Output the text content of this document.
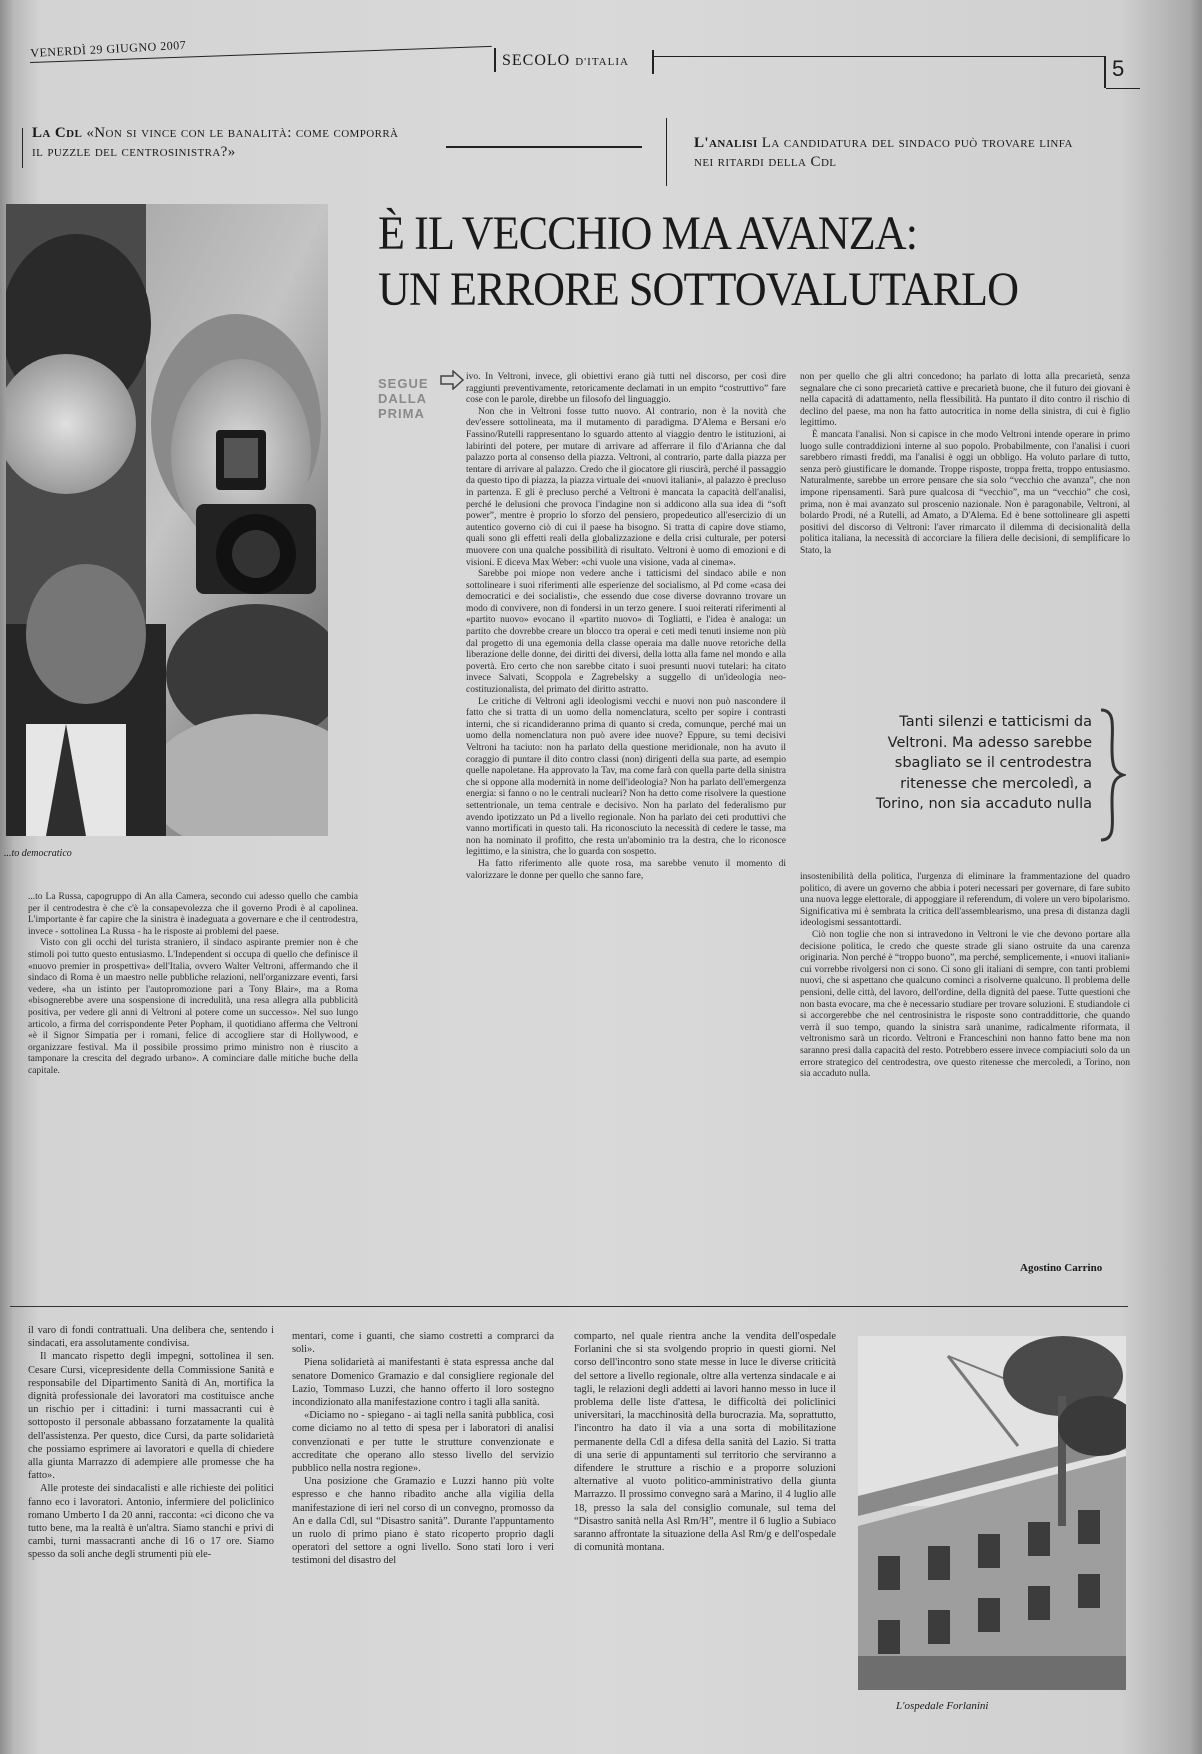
VENERDÌ 29 GIUGNO 2007
SECOLO D'ITALIA	5
La Cdl «Non si vince con le banalità: come comporrà il puzzle del centrosinistra?»
L'analisi La candidatura del sindaco può trovare linfa nei ritardi della Cdl
È IL VECCHIO MA AVANZA:
UN ERRORE SOTTOVALUTARLO
...to democratico
SEGUE
DALLA
PRIMA

ivo. In Veltroni, invece, gli obiettivi erano già tutti nel discorso, per così dire raggiunti preventivamente, retoricamente declamati in un empito “costruttivo” fare cose con le parole, direbbe un filosofo del linguaggio.

Non che in Veltroni fosse tutto nuovo. Al contrario, non è la novità che dev'essere sottolineata, ma il mutamento di paradigma. D'Alema e Bersani e/o Fassino/Rutelli rappresentano lo sguardo attento al viaggio dentro le istituzioni, ai labirinti del potere, per mutare di arrivare ad afferrare il filo d'Arianna che dal palazzo porta al consenso della piazza. Veltroni, al contrario, parte dalla piazza per tentare di arrivare al palazzo. Credo che il giocatore gli riuscirà, perché il passaggio da questo tipo di piazza, la piazza virtuale dei «nuovi italiani», al palazzo è precluso in partenza. E gli è precluso perché a Veltroni è mancata la capacità dell'analisi, perché le delusioni che provoca l'indagine non si addicono alla sua idea di “soft power”, mentre è proprio lo sforzo del pensiero, propedeutico all'esercizio di un autentico governo ciò di cui il paese ha bisogno. Si tratta di capire dove stiamo, quali sono gli effetti reali della globalizzazione e della crisi culturale, per potersi muovere con una qualche possibilità di risultato. Veltroni è uomo di emozioni e di visioni. E diceva Max Weber: «chi vuole una visione, vada al cinema».

Sarebbe poi miope non vedere anche i tatticismi del sindaco abile e non sottolineare i suoi riferimenti alle esperienze del socialismo, al Pd come «casa dei democratici e dei socialisti», che essendo due cose diverse dovranno trovare un modo di convivere, non di fondersi in un terzo genere. I suoi reiterati riferimenti al «partito nuovo» evocano il «partito nuovo» di Togliatti, e l'idea è analoga: un partito che dovrebbe creare un blocco tra operai e ceti medi tenuti insieme non più dal progetto di una egemonia della classe operaia ma dalle nuove retoriche della liberazione delle donne, dei diritti dei diversi, della lotta alla fame nel mondo e alla povertà. Ero certo che non sarebbe citato i suoi presunti nuovi tutelari: ha citato invece Salvati, Scoppola e Zagrebelsky a suggello di un'ideologia neo-costituzionalista, del primato del diritto astratto.

Le critiche di Veltroni agli ideologismi vecchi e nuovi non può nascondere il fatto che si tratta di un uomo della nomenclatura, scelto per sopire i contrasti interni, che si ricandideranno prima di quanto si creda, comunque, perché mai un uomo della nomenclatura non può avere idee nuove? Eppure, su temi decisivi Veltroni ha taciuto: non ha parlato della questione meridionale, non ha avuto il coraggio di puntare il dito contro classi (non) dirigenti della sua parte, ad esempio quelle napoletane. Ha approvato la Tav, ma come farà con quella parte della sinistra che si oppone alla modernità in nome dell'ideologia? Non ha parlato dell'emergenza energia: si fanno o no le centrali nucleari? Non ha detto come risolvere la questione settentrionale, un tema centrale e decisivo. Non ha parlato del federalismo pur avendo ipotizzato un Pd a livello regionale. Non ha parlato dei ceti produttivi che vanno mortificati in questo tali. Ha riconosciuto la necessità di cedere le tasse, ma non ha nominato il profitto, che resta un'abominio tra la destra, che lo riconosce legittimo, e la sinistra, che lo guarda con sospetto.

Ha fatto riferimento alle quote rosa, ma sarebbe venuto il momento di valorizzare le donne per quello che sanno fare,

non per quello che gli altri concedono; ha parlato di lotta alla precarietà, senza segnalare che ci sono precarietà cattive e precarietà buone, che il futuro dei giovani è nella capacità di adattamento, nella flessibilità. Ha puntato il dito contro il rischio di declino del paese, ma non ha fatto autocritica in nome della sinistra, di cui è figlio legittimo.

È mancata l'analisi. Non si capisce in che modo Veltroni intende operare in primo luogo sulle contraddizioni interne al suo popolo. Probabilmente, con l'analisi i cuori sarebbero rimasti freddi, ma l'analisi è oggi un obbligo. Ha voluto parlare di tutto, senza però giustificare le domande. Troppe risposte, troppa fretta, troppo entusiasmo. Naturalmente, sarebbe un errore pensare che sia solo “vecchio che avanza”, che non impone ripensamenti. Sarà pure qualcosa di “vecchio”, ma un “vecchio” che così, prima, non è mai avanzato sul proscenio nazionale. Non è paragonabile, Veltroni, al bolardo Prodi, né a Rutelli, ad Amato, a D'Alema. Ed è bene sottolineare gli aspetti positivi del discorso di Veltroni: l'aver rimarcato il dilemma di decisionalità della politica italiana, la necessità di accorciare la filiera delle decisioni, di semplificare lo Stato, la

Tanti silenzi e tatticismi da Veltroni. Ma adesso sarebbe sbagliato se il centrodestra ritenesse che mercoledì, a Torino, non sia accaduto nulla

insostenibilità della politica, l'urgenza di eliminare la frammentazione del quadro politico, di avere un governo che abbia i poteri necessari per governare, di fare subito una nuova legge elettorale, di appoggiare il referendum, di volere un vero bipolarismo. Significativa mi è sembrata la critica dell'assemblearismo, una presa di distanza dagli ideologismi sessantottardi.

Ciò non toglie che non si intravedono in Veltroni le vie che devono portare alla decisione politica, le credo che queste strade gli siano ostruite da una carenza originaria. Non perché è “troppo buono”, ma perché, semplicemente, i «nuovi italiani» cui vorrebbe rivolgersi non ci sono. Ci sono gli italiani di sempre, con tanti problemi nuovi, che si aspettano che qualcuno cominci a risolverne qualcuno. Il problema delle pensioni, delle città, del lavoro, dell'ordine, della dignità del paese. Tutte questioni che non basta evocare, ma che è necessario studiare per trovare soluzioni. E studiandole ci si accorgerebbe che nel centrosinistra le risposte sono contraddittorie, che quando verrà il suo tempo, quando la sinistra sarà unanime, radicalmente riformata, il veltronismo sarà un ricordo. Veltroni e Franceschini non hanno fatto bene ma non saranno presi dalla capacità del resto. Potrebbero essere invece compiaciuti solo da un errore strategico del centrodestra, ove questo ritenesse che mercoledì, a Torino, non sia accaduto nulla.

Agostino Carrino

...to La Russa, capogruppo di An alla Camera, secondo cui adesso quello che cambia per il centrodestra è che c'è la consapevolezza che il governo Prodi è al capolinea. L'importante è far capire che la sinistra è inadeguata a governare e che il centrodestra, invece - sottolinea La Russa - ha le risposte ai problemi del paese.

Visto con gli occhi del turista straniero, il sindaco aspirante premier non è che stimoli poi tutto questo entusiasmo. L'Independent si occupa di quello che definisce il «nuovo premier in prospettiva» dell'Italia, ovvero Walter Veltroni, affermando che il sindaco di Roma è un maestro nelle pubbliche relazioni, nell'organizzare eventi, farsi vedere, «ha un istinto per l'autopromozione pari a Tony Blair», ma a Roma «bisognerebbe avere una sospensione di incredulità, una resa allegra alla pubblicità positiva, per vedere gli anni di Veltroni al potere come un successo». Nel suo lungo articolo, a firma del corrispondente Peter Popham, il quotidiano afferma che Veltroni «è il Signor Simpatia per i romani, felice di accogliere star di Hollywood, e organizzare festival. Ma il possibile prossimo primo ministro non è riuscito a tamponare la crescita del degrado urbano». A cominciare dalle mitiche buche della capitale.

il varo di fondi contrattuali. Una delibera che, sentendo i sindacati, era assolutamente condivisa.

Il mancato rispetto degli impegni, sottolinea il sen. Cesare Cursi, vicepresidente della Commissione Sanità e responsabile del Dipartimento Sanità di An, mortifica la dignità professionale dei lavoratori ma costituisce anche un rischio per i cittadini: i turni massacranti cui è sottoposto il personale abbassano forzatamente la qualità dell'assistenza. Per questo, dice Cursi, da parte solidarietà che possiamo esprimere ai lavoratori e quella di chiedere alla giunta Marrazzo di adempiere alle promesse che ha fatto».

Alle proteste dei sindacalisti e alle richieste dei politici fanno eco i lavoratori. Antonio, infermiere del policlinico romano Umberto I da 20 anni, racconta: «ci dicono che va tutto bene, ma la realtà è un'altra. Siamo stanchi e privi di cambi, turni massacranti anche di 16 o 17 ore. Siamo spesso da soli anche degli strumenti più ele-

mentari, come i guanti, che siamo costretti a comprarci da soli».

Piena solidarietà ai manifestanti è stata espressa anche dal senatore Domenico Gramazio e dal consigliere regionale del Lazio, Tommaso Luzzi, che hanno offerto il loro sostegno incondizionato alla manifestazione contro i tagli alla sanità.

«Diciamo no - spiegano - ai tagli nella sanità pubblica, così come diciamo no al tetto di spesa per i laboratori di analisi convenzionati e per tutte le strutture convenzionate e accreditate che operano allo stesso livello del servizio pubblico nella nostra regione».

Una posizione che Gramazio e Luzzi hanno più volte espresso e che hanno ribadito anche alla vigilia della manifestazione di ieri nel corso di un convegno, promosso da An e dalla Cdl, sul “Disastro sanità”. Durante l'appuntamento un ruolo di primo piano è stato ricoperto proprio dagli operatori del settore a ogni livello. Sono stati loro i veri testimoni del disastro del

comparto, nel quale rientra anche la vendita dell'ospedale Forlanini che si sta svolgendo proprio in questi giorni. Nel corso dell'incontro sono state messe in luce le diverse criticità del settore a livello regionale, oltre alla vertenza sindacale e ai tagli, le relazioni degli addetti ai lavori hanno messo in luce il problema delle liste d'attesa, le difficoltà dei policlinici universitari, la macchinosità della burocrazia. Ma, soprattutto, l'incontro ha dato il via a una sorta di mobilitazione permanente della Cdl a difesa della sanità del Lazio. Si tratta di una serie di appuntamenti sul territorio che serviranno a difendere le strutture a rischio e a proporre soluzioni alternative al vuoto politico-amministrativo della giunta Marrazzo. Il prossimo convegno sarà a Marino, il 4 luglio alle 18, presso la sala del consiglio comunale, sul tema del “Disastro sanità nella Asl Rm/H”, mentre il 6 luglio a Subiaco saranno affrontate la situazione della Asl Rm/g e dell'ospedale di comunità montana.

L'ospedale Forlanini
